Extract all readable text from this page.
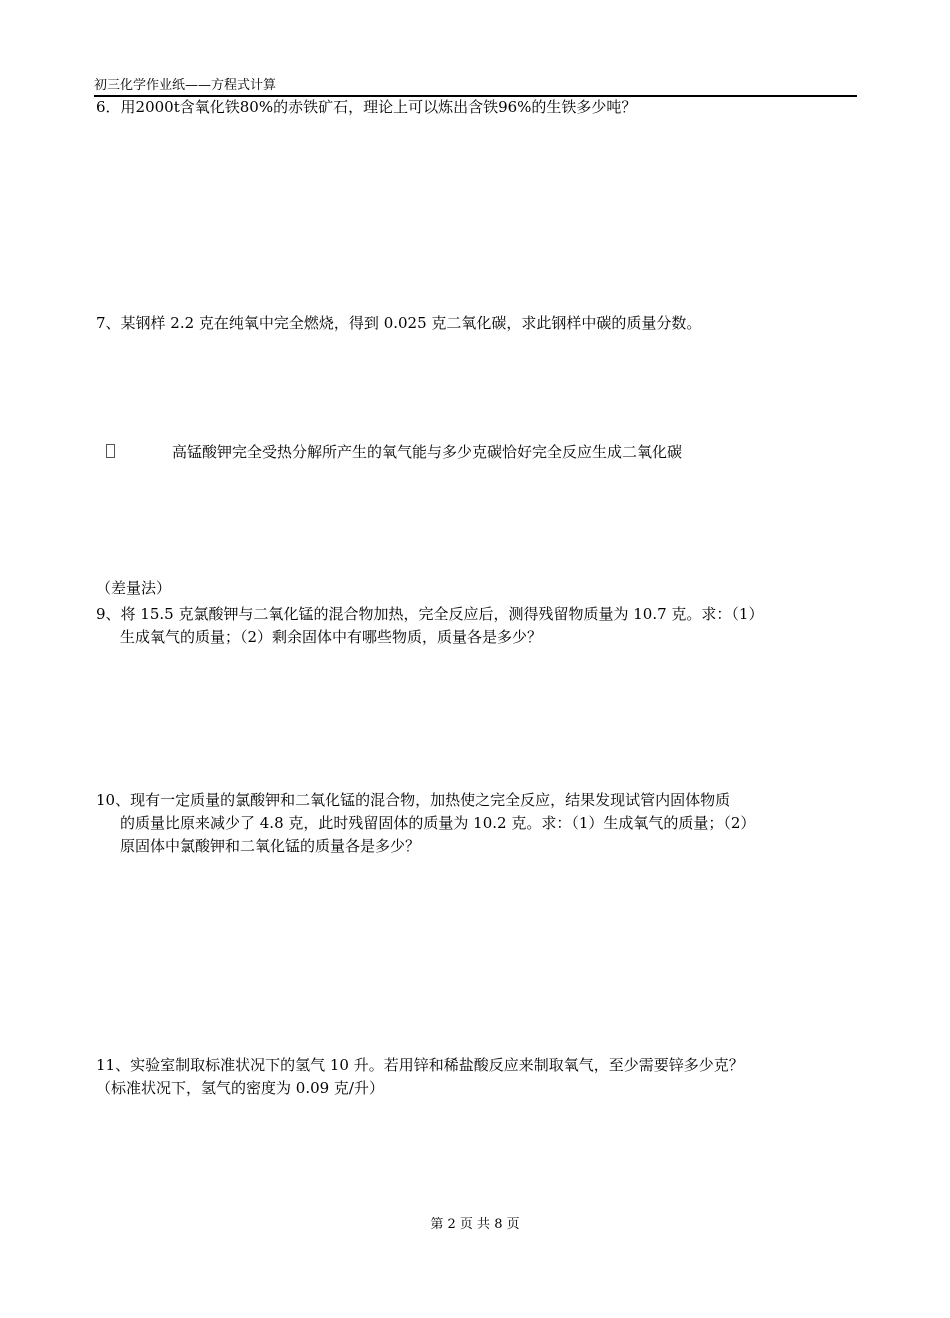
初三化学作业纸——方程式计算
6．用2000t含氧化铁80%的赤铁矿石，理论上可以炼出含铁96%的生铁多少吨？
7、某钢样 2.2 克在纯氧中完全燃烧，得到 0.025 克二氧化碳，求此钢样中碳的质量分数。
高锰酸钾完全受热分解所产生的氧气能与多少克碳恰好完全反应生成二氧化碳
（差量法）
9、将 15.5 克氯酸钾与二氧化锰的混合物加热，完全反应后，测得残留物质量为 10.7 克。求：（1）
生成氧气的质量；（2）剩余固体中有哪些物质，质量各是多少？
10、现有一定质量的氯酸钾和二氧化锰的混合物，加热使之完全反应，结果发现试管内固体物质
的质量比原来减少了 4.8 克，此时残留固体的质量为 10.2 克。求：（1）生成氧气的质量；（2）
原固体中氯酸钾和二氧化锰的质量各是多少？
11、实验室制取标准状况下的氢气 10 升。若用锌和稀盐酸反应来制取氧气，至少需要锌多少克？
（标准状况下，氢气的密度为 0.09 克/升）
第 2 页 共 8 页
